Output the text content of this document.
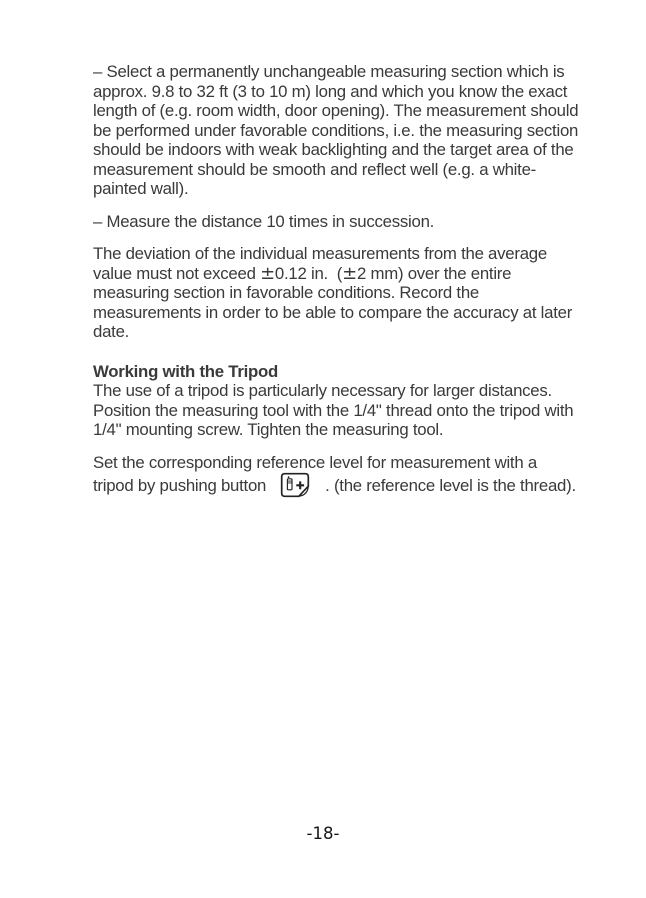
– Select a permanently unchangeable measuring section which is approx. 9.8 to 32 ft (3 to 10 m) long and which you know the exact length of (e.g. room width, door opening). The measurement should be performed under favorable conditions, i.e. the measuring section should be indoors with weak backlighting and the target area of the measurement should be smooth and reflect well (e.g. a white-painted wall).

– Measure the distance 10 times in succession.

The deviation of the individual measurements from the average value must not exceed ±0.12 in.  (±2 mm) over the entire measuring section in favorable conditions. Record the measurements in order to be able to compare the accuracy at later date.

Working with the Tripod

The use of a tripod is particularly necessary for larger distances. Position the measuring tool with the 1/4" thread onto the tripod with 1/4" mounting screw. Tighten the measuring tool.

Set the corresponding reference level for measurement with a tripod by pushing button	. (the reference level is the thread).

-18-
